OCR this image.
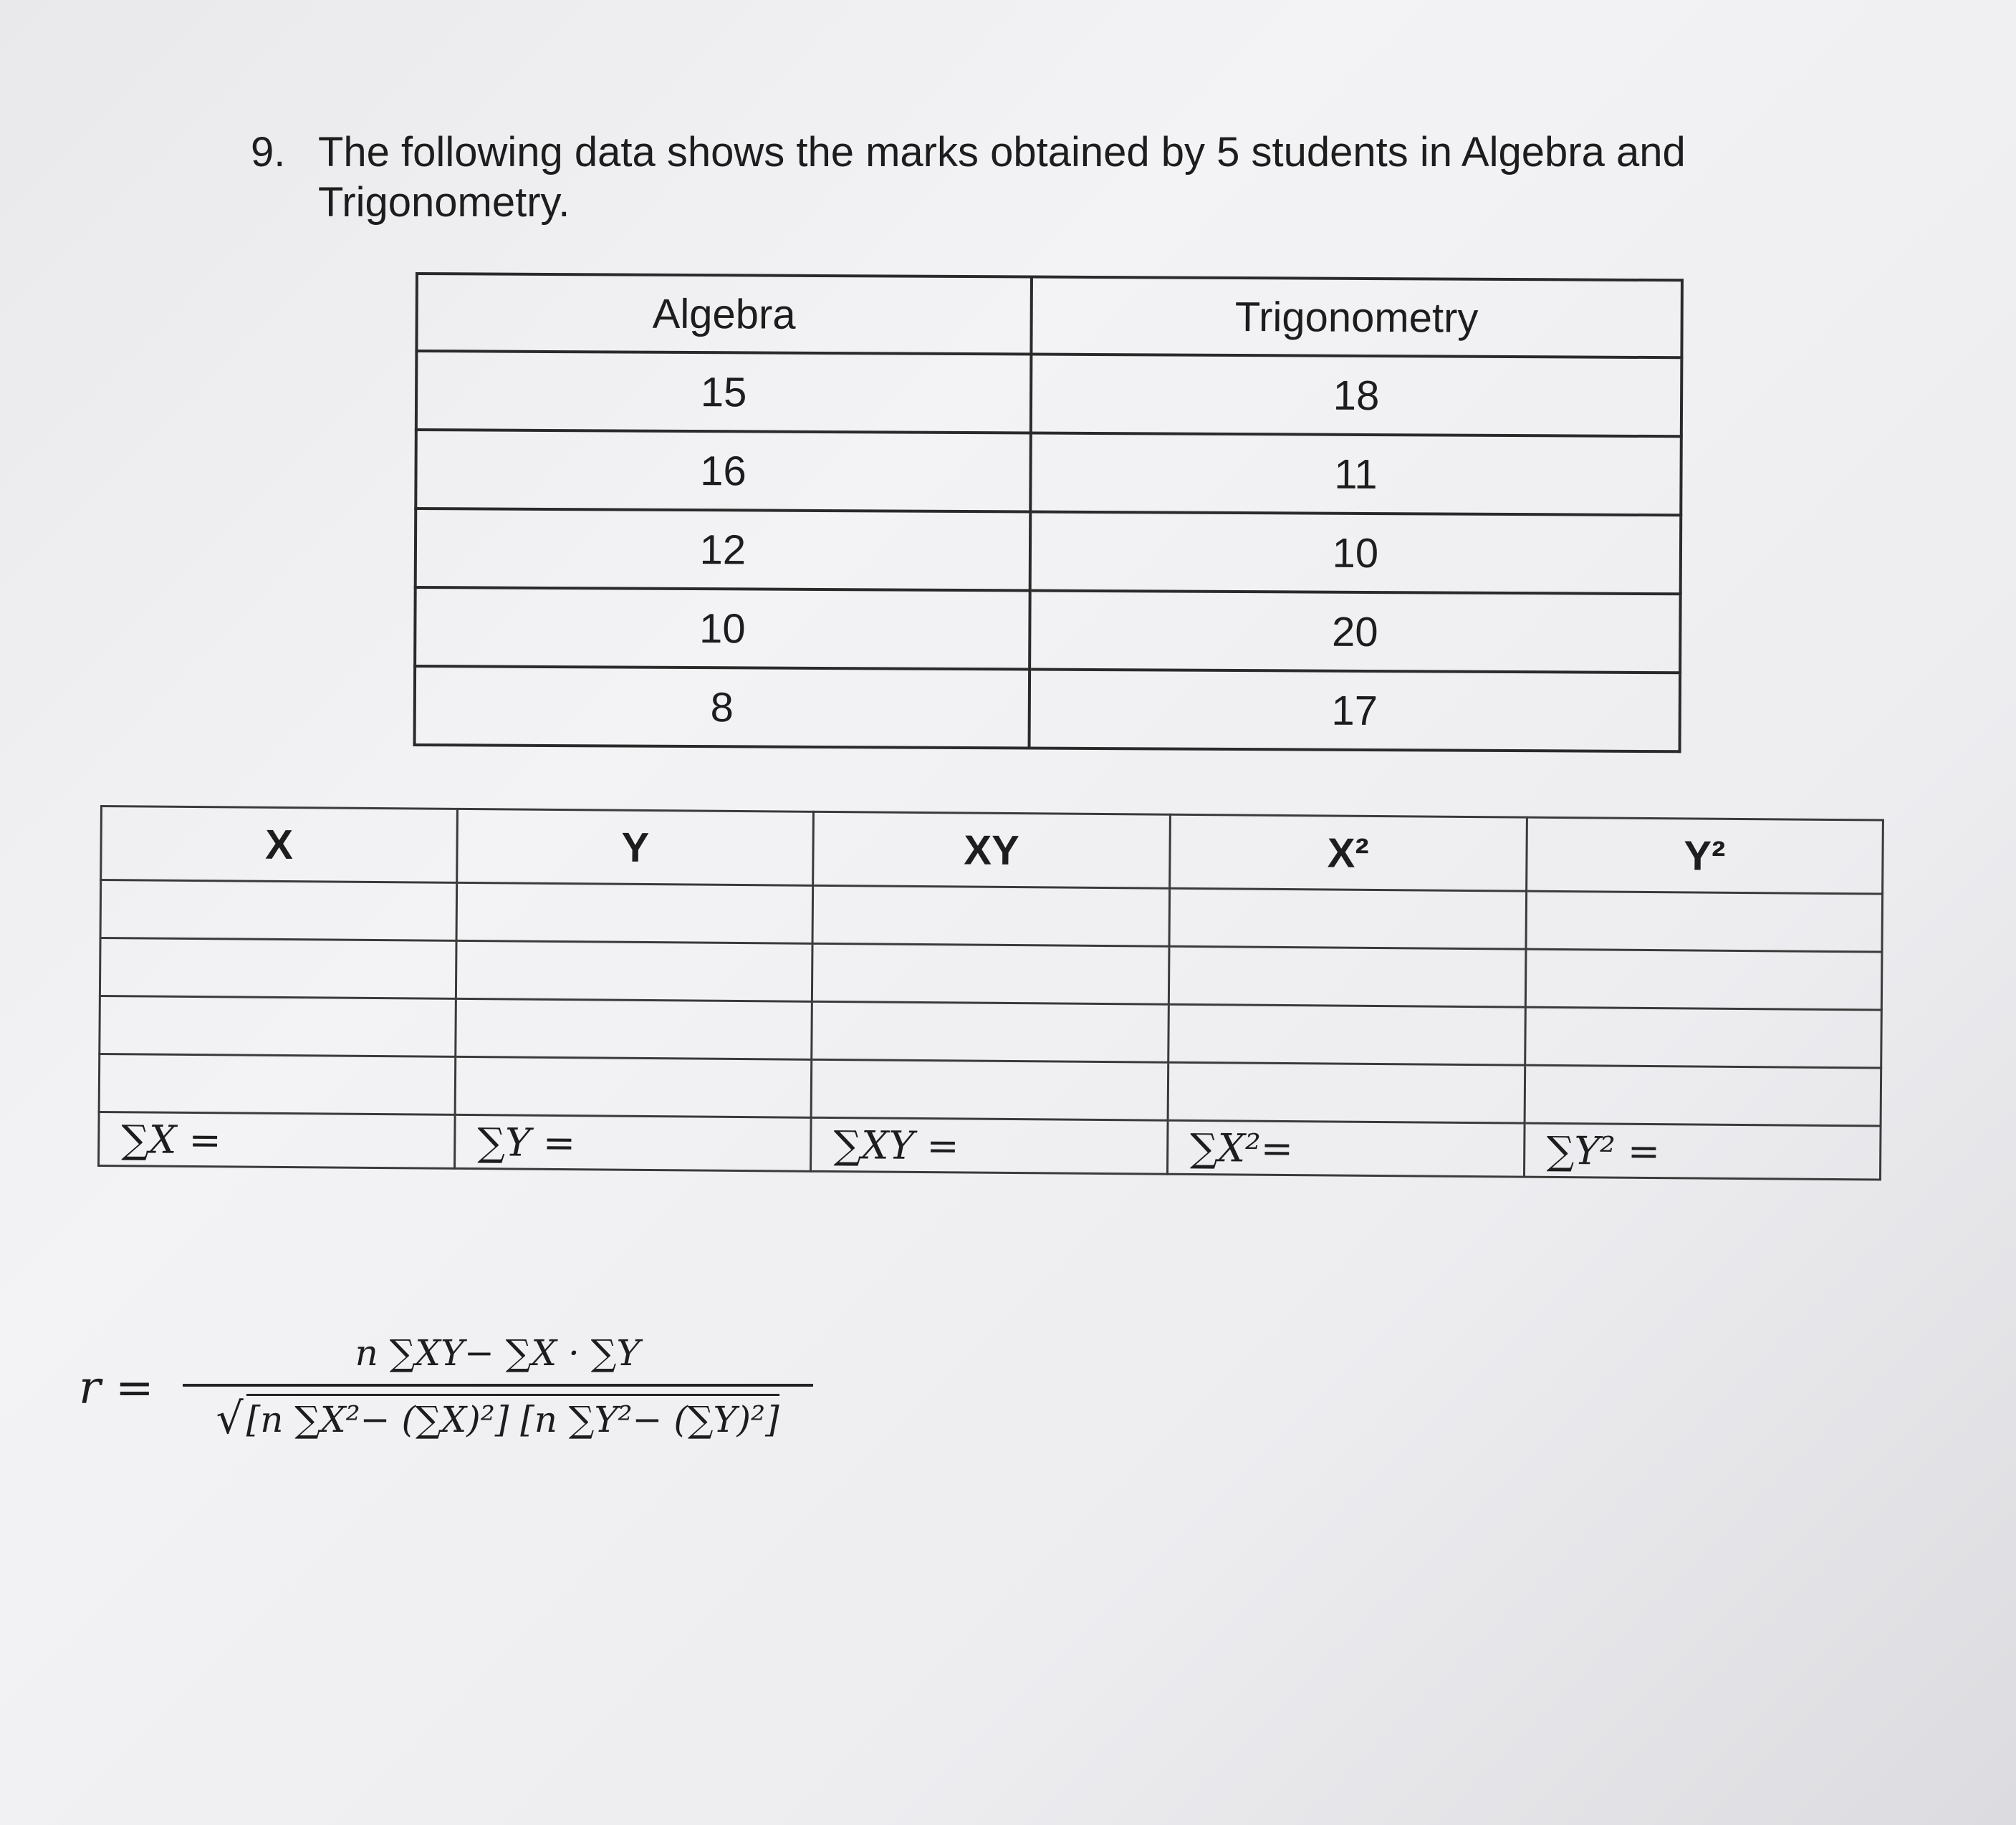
9. The following data shows the marks obtained by 5 students in Algebra and
Trigonometry.
Algebra	Trigonometry
15	18
16	11
12	10
10	20
8	17
X	Y	XY	X²	Y²

∑X =	∑Y =	∑XY =	∑X²=	∑Y² =
$r = \frac{n \sum XY- \sum X \cdot \sum Y}{\text{√ [n ∑X²− (∑X)²] [n ∑Y²− (∑Y)²]}}$
